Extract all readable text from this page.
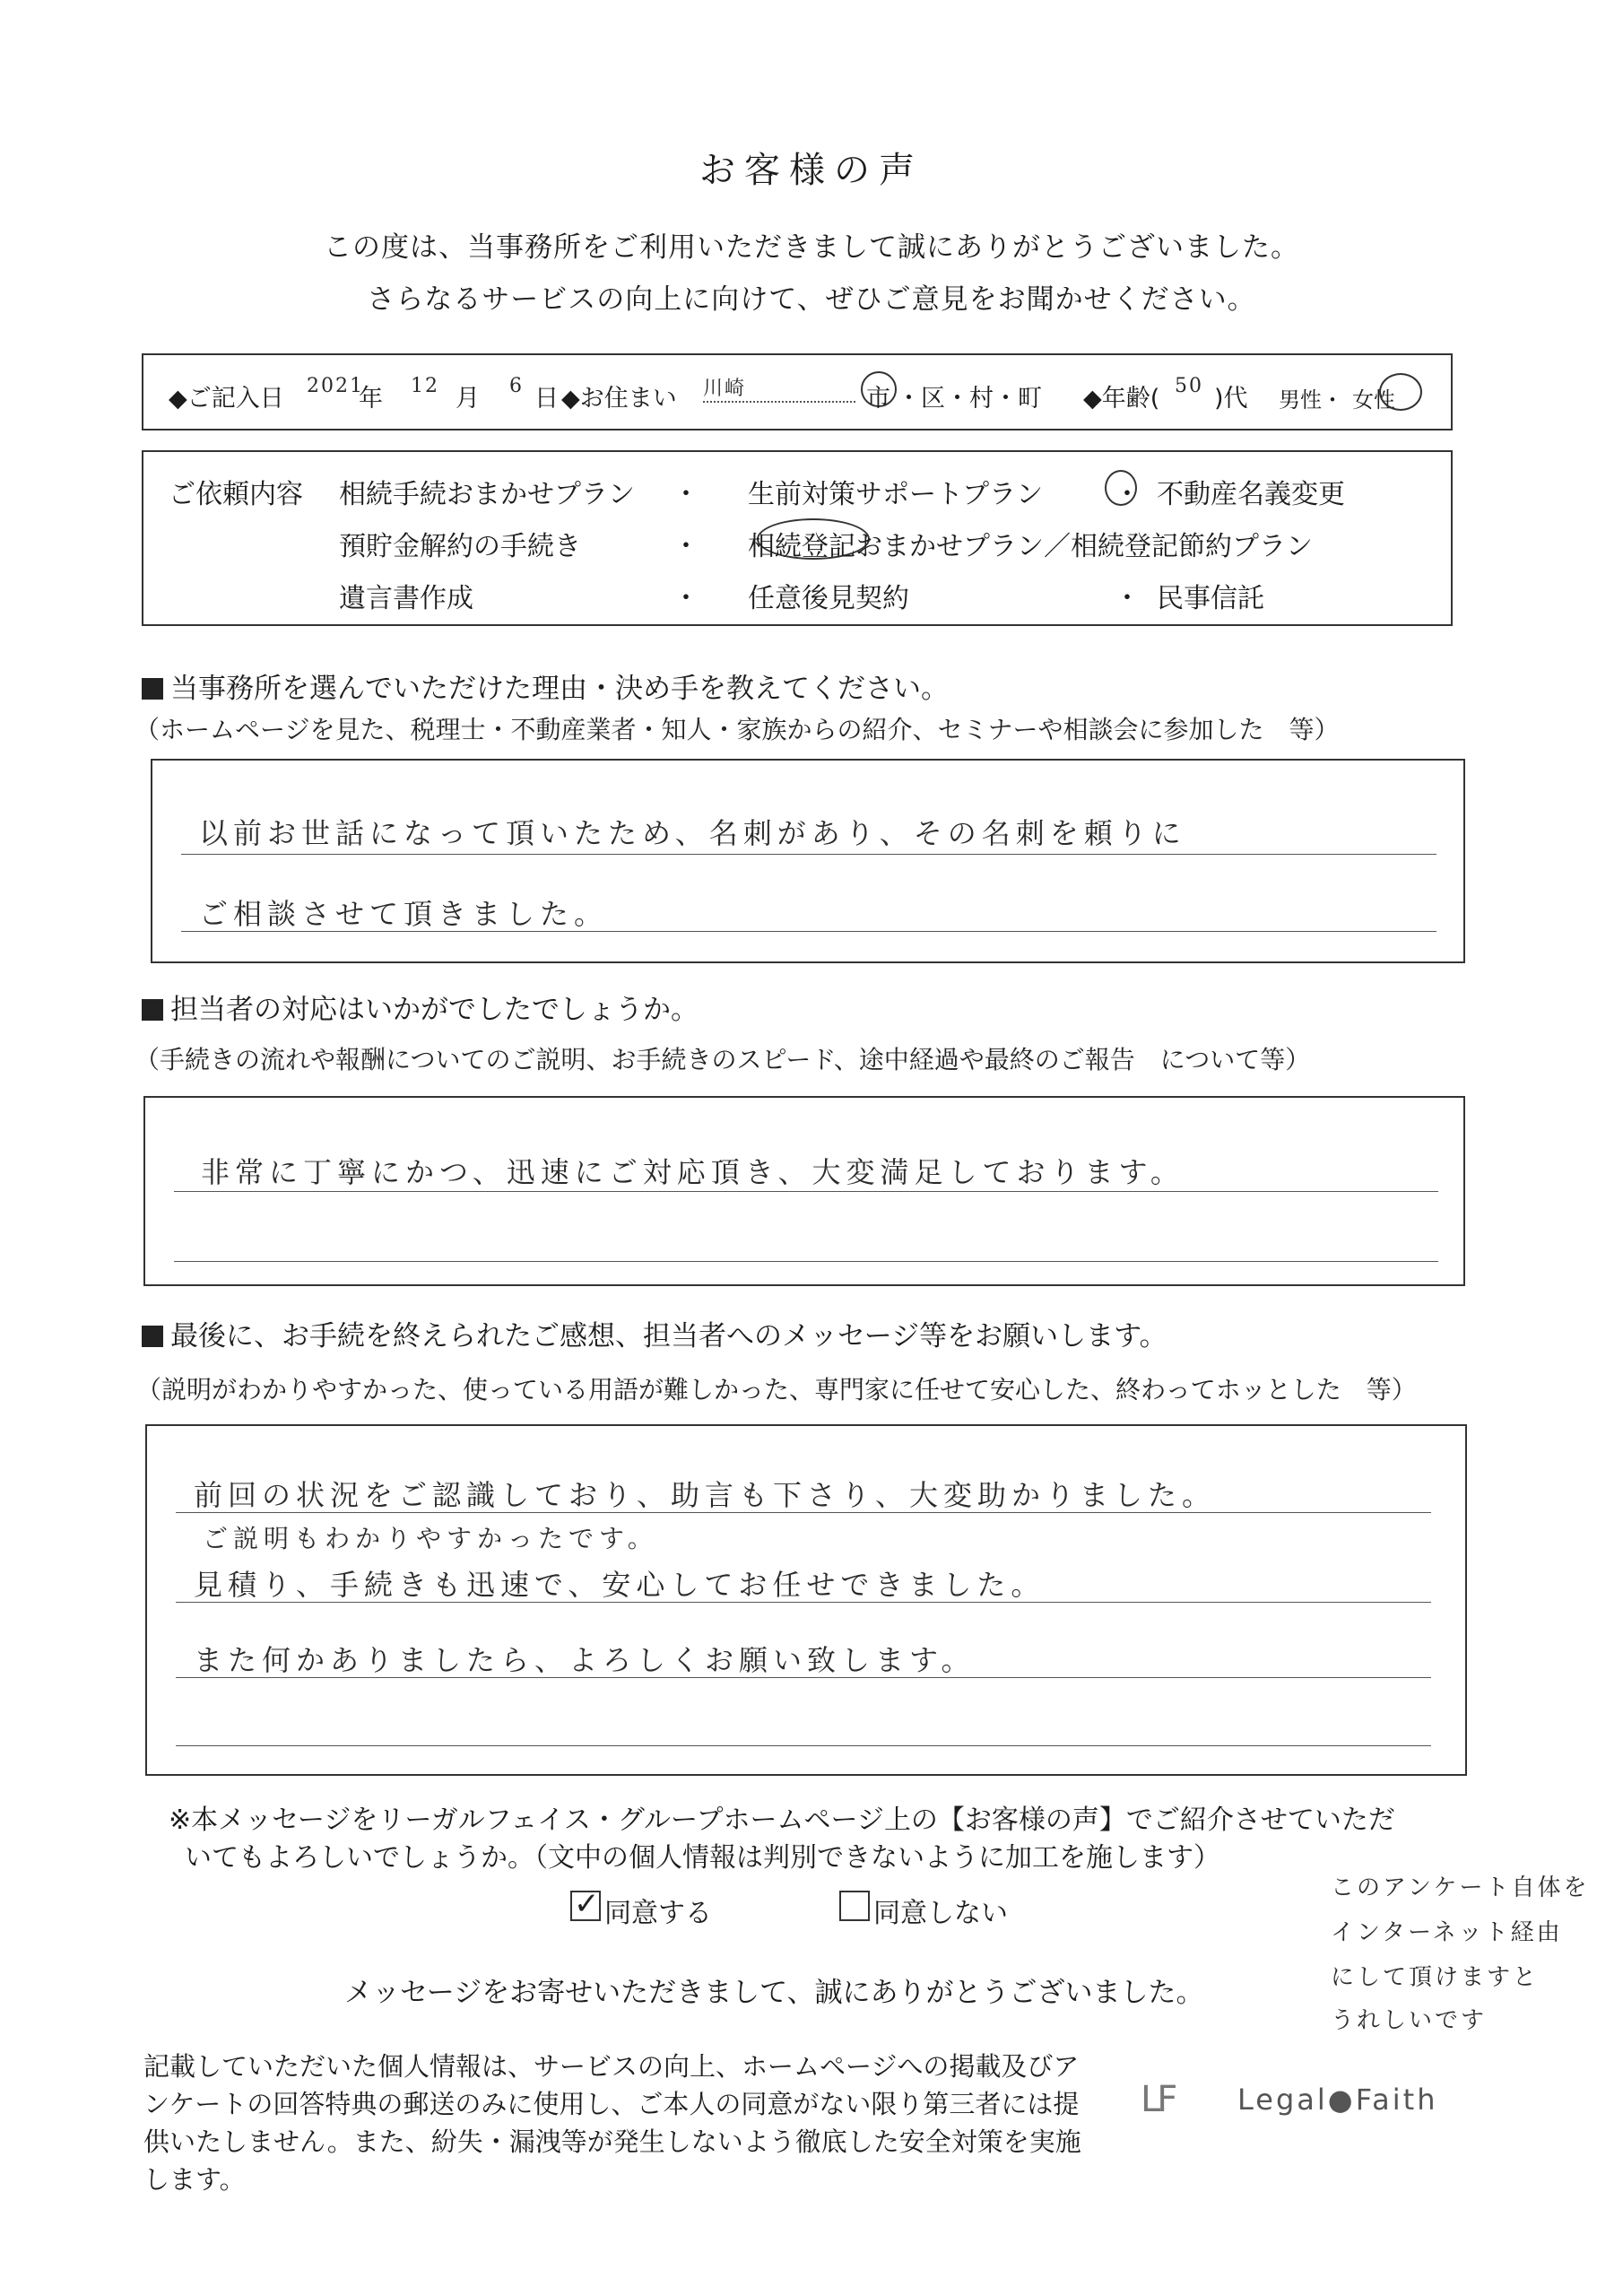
お客様の声
この度は、当事務所をご利用いただきまして誠にありがとうございました。
さらなるサービスの向上に向けて、ぜひご意見をお聞かせください。
◆ご記入日 2021
年 12 月 6 日 ◆お住まい 川崎	市 ・区・村・町 ◆年齢( 50 )代 男性・ 女性
ご依頼内容 相続手続おまかせプラン ・ 生前対策サポートプラン	・ 不動産名義変更
預貯金解約の手続き	・ 相続登記おまかせプラン／相続登記節約プラン
遺言書作成	・ 任意後見契約	・ 民事信託
当事務所を選んでいただけた理由・決め手を教えてください。
（ホームページを見た、税理士・不動産業者・知人・家族からの紹介、セミナーや相談会に参加した　等）
以前お世話になって頂いたため、名刺があり、その名刺を頼りに
ご相談させて頂きました。
担当者の対応はいかがでしたでしょうか。
（手続きの流れや報酬についてのご説明、お手続きのスピード、途中経過や最終のご報告　について等）
非常に丁寧にかつ、迅速にご対応頂き、大変満足しております。
最後に、お手続を終えられたご感想、担当者へのメッセージ等をお願いします。
（説明がわかりやすかった、使っている用語が難しかった、専門家に任せて安心した、終わってホッとした　等）
前回の状況をご認識しており、助言も下さり、大変助かりました。
ご説明もわかりやすかったです。
見積り、手続きも迅速で、安心してお任せできました。
また何かありましたら、よろしくお願い致します。
※本メッセージをリーガルフェイス・グループホームページ上の【お客様の声】でご紹介させていただ
いてもよろしいでしょうか。（文中の個人情報は判別できないように加工を施します）
✓ 同意する	同意しない
このアンケート自体を
インターネット経由
にして頂けますと
うれしいです
メッセージをお寄せいただきまして、誠にありがとうございました。
記載していただいた個人情報は、サービスの向上、ホームページへの掲載及びアンケートの回答特典の郵送のみに使用し、ご本人の同意がない限り第三者には提供いたしません。また、紛失・漏洩等が発生しないよう徹底した安全対策を実施します。
LF Legal●Faith
